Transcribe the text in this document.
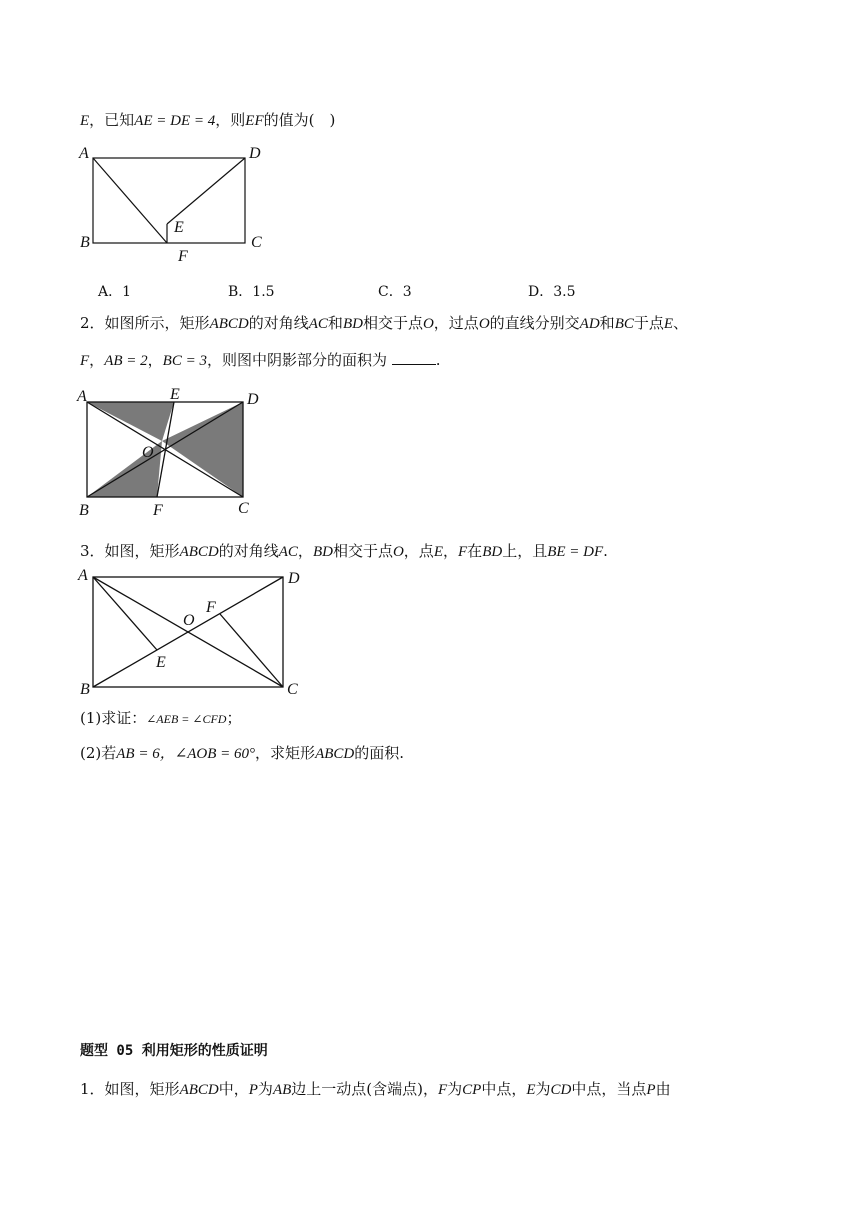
E，已知AE = DE = 4，则EF的值为(　)
A
B	C
D
E
F
A．1	B．1.5	C．3	D．3.5
2．如图所示，矩形ABCD的对角线AC和BD相交于点O，过点O的直线分别交AD和BC于点E、
F，AB = 2，BC = 3，则图中阴影部分的面积为	.
A	E	D
O
B	F	C
3．如图，矩形ABCD的对角线AC，BD相交于点O，点E，F在BD上，且BE = DF.
A	D
F
O
E
B	C
(1)求证：∠AEB = ∠CFD；
(2)若AB = 6，∠AOB = 60°，求矩形ABCD的面积.
题型 05 利用矩形的性质证明
1．如图，矩形ABCD中，P为AB边上一动点(含端点)，F为CP中点，E为CD中点，当点P由
